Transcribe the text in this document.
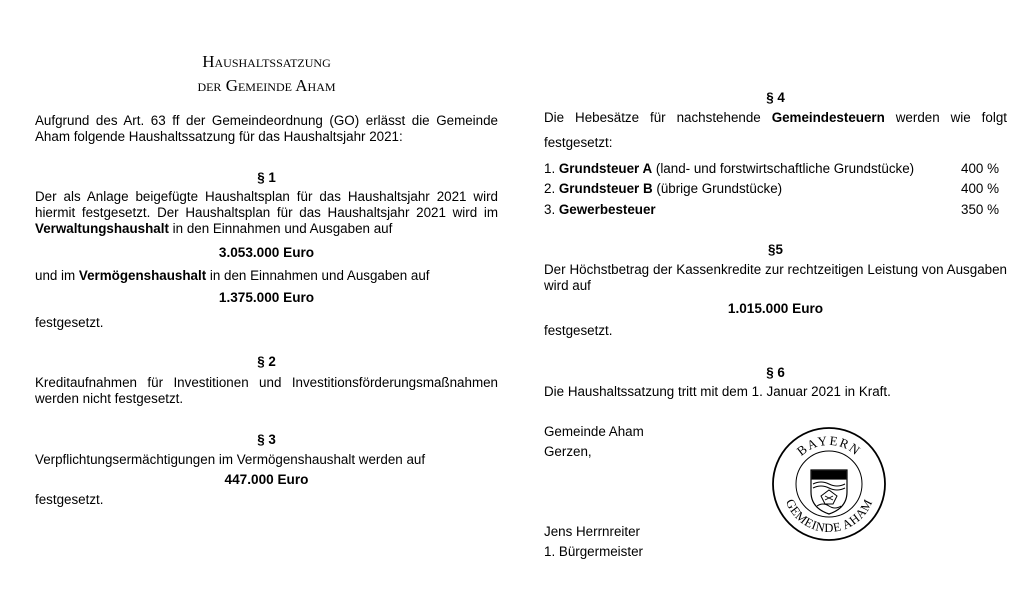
Haushaltssatzung
der Gemeinde Aham

Aufgrund des Art. 63 ff der Gemeindeordnung (GO) erlässt die Gemeinde Aham folgende Haushaltssatzung für das Haushaltsjahr 2021:

§ 1

Der als Anlage beigefügte Haushaltsplan für das Haushaltsjahr 2021 wird hiermit festgesetzt. Der Haushaltsplan für das Haushaltsjahr 2021 wird im Verwaltungshaushalt in den Einnahmen und Ausgaben auf

3.053.000 Euro

und im Vermögenshaushalt in den Einnahmen und Ausgaben auf

1.375.000 Euro
festgesetzt.
§ 2

Kreditaufnahmen für Investitionen und Investitionsförderungsmaßnahmen werden nicht festgesetzt.

§ 3
Verpflichtungsermächtigungen im Vermögenshaushalt werden auf
447.000 Euro
festgesetzt.
§ 4
Die Hebesätze für nachstehende Gemeindesteuern werden wie folgt
festgesetzt:
1. Grundsteuer A (land- und forstwirtschaftliche Grundstücke)	400 %
2. Grundsteuer B (übrige Grundstücke)	400 %
3. Gewerbesteuer	350 %
§5

Der Höchstbetrag der Kassenkredite zur rechtzeitigen Leistung von Ausgaben wird auf

1.015.000 Euro
festgesetzt.
§ 6
Die Haushaltssatzung tritt mit dem 1. Januar 2021 in Kraft.
Gemeinde Aham
Gerzen,
Jens Herrnreiter
1. Bürgermeister
BAYERN
GEMEINDE AHAM
